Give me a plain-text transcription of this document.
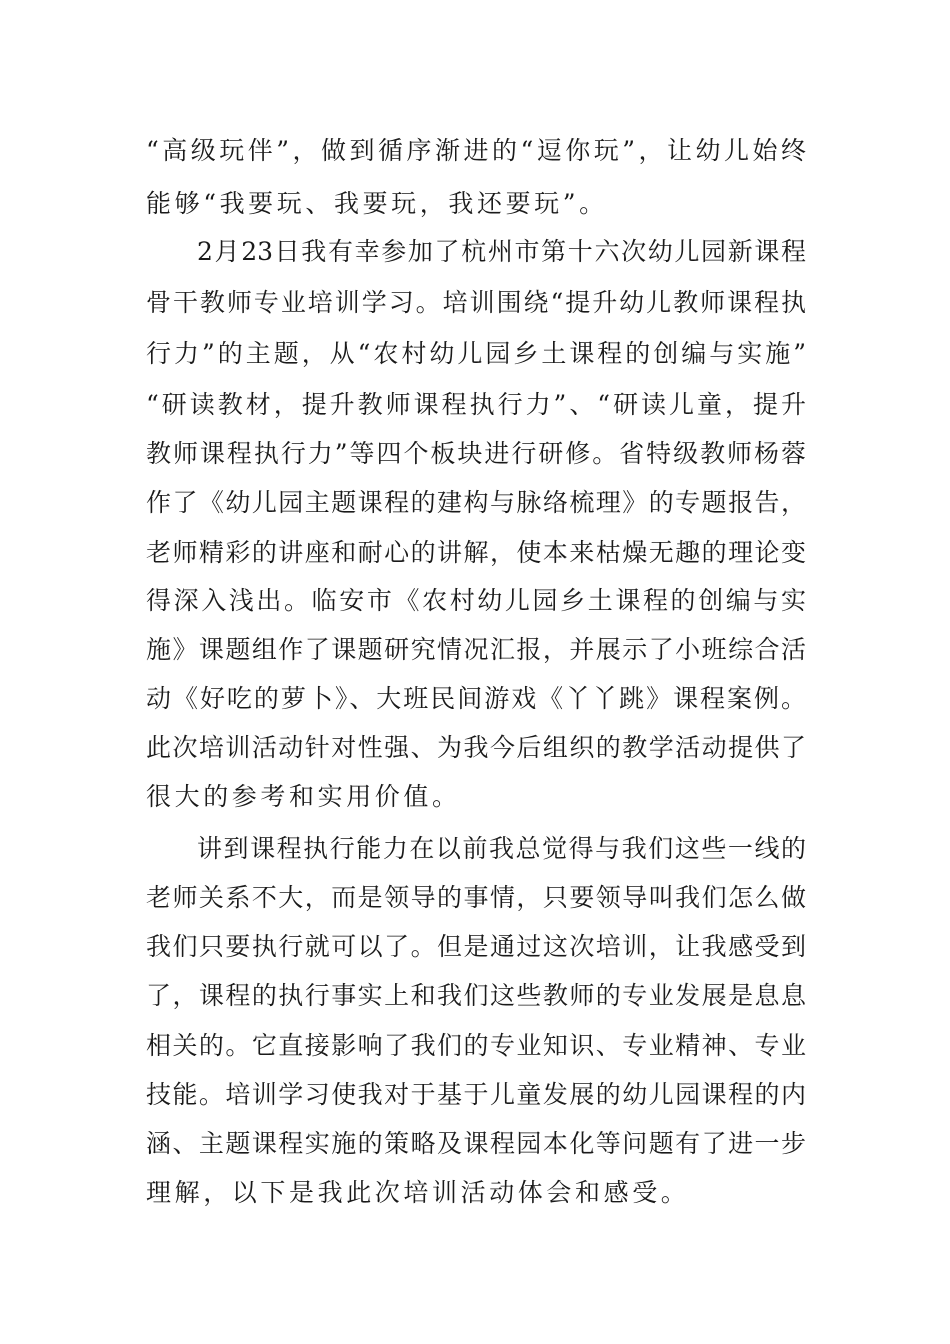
“高级玩伴”，做到循序渐进的“逗你玩”，让幼儿始终
能够“我要玩、我要玩，我还要玩”。
2月23日我有幸参加了杭州市第十六次幼儿园新课程
骨干教师专业培训学习。培训围绕“提升幼儿教师课程执
行力”的主题，从“农村幼儿园乡土课程的创编与实施”
“研读教材，提升教师课程执行力”、“研读儿童，提升
教师课程执行力”等四个板块进行研修。省特级教师杨蓉
作了《幼儿园主题课程的建构与脉络梳理》的专题报告，
老师精彩的讲座和耐心的讲解，使本来枯燥无趣的理论变
得深入浅出。临安市《农村幼儿园乡土课程的创编与实
施》课题组作了课题研究情况汇报，并展示了小班综合活
动《好吃的萝卜》、大班民间游戏《丫丫跳》课程案例。
此次培训活动针对性强、为我今后组织的教学活动提供了
很大的参考和实用价值。
讲到课程执行能力在以前我总觉得与我们这些一线的
老师关系不大，而是领导的事情，只要领导叫我们怎么做
我们只要执行就可以了。但是通过这次培训，让我感受到
了，课程的执行事实上和我们这些教师的专业发展是息息
相关的。它直接影响了我们的专业知识、专业精神、专业
技能。培训学习使我对于基于儿童发展的幼儿园课程的内
涵、主题课程实施的策略及课程园本化等问题有了进一步
理解，以下是我此次培训活动体会和感受。
